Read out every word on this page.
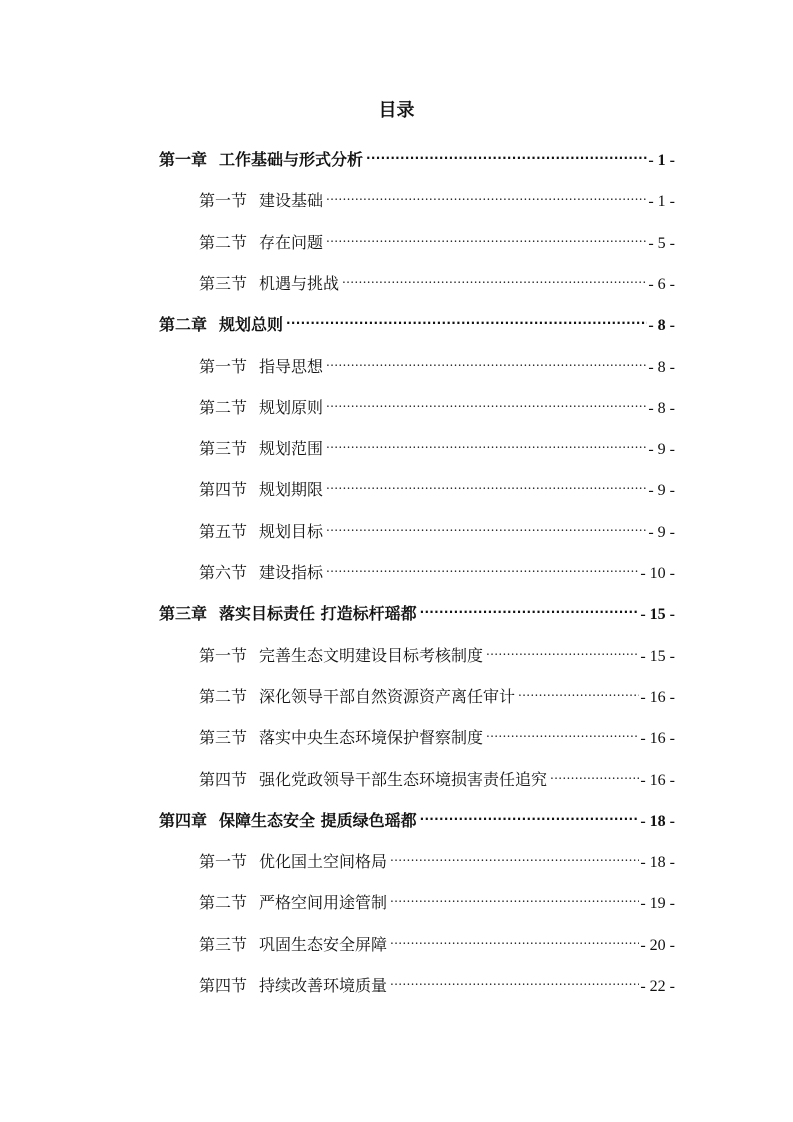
目录
第一章 工作基础与形式分析 .....	- 1 -
第一节 建设基础 .....	- 1 -
第二节 存在问题 .....	- 5 -
第三节 机遇与挑战 .....	- 6 -
第二章 规划总则 .....	- 8 -
第一节 指导思想 .....	- 8 -
第二节 规划原则 .....	- 8 -
第三节 规划范围 .....	- 9 -
第四节 规划期限 .....	- 9 -
第五节 规划目标 .....	- 9 -
第六节 建设指标 .....	- 10 -
第三章 落实目标责任 打造标杆瑶都 .....	- 15 -
第一节 完善生态文明建设目标考核制度 .....	- 15 -
第二节 深化领导干部自然资源资产离任审计 .....	- 16 -
第三节 落实中央生态环境保护督察制度 .....	- 16 -
第四节 强化党政领导干部生态环境损害责任追究 .....	- 16 -
第四章 保障生态安全 提质绿色瑶都 .....	- 18 -
第一节 优化国土空间格局 .....	- 18 -
第二节 严格空间用途管制 .....	- 19 -
第三节 巩固生态安全屏障 .....	- 20 -
第四节 持续改善环境质量 .....	- 22 -
